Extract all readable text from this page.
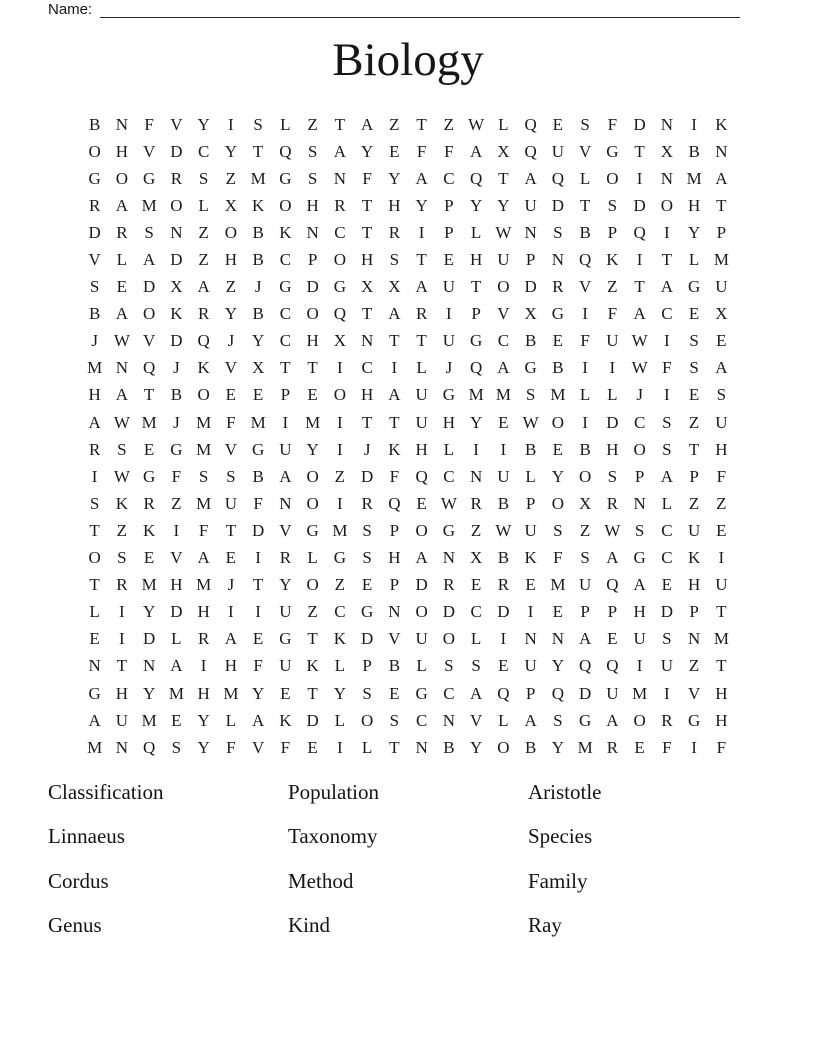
Name:
Biology
B N F V Y	I	S	L Z T A Z T Z W L Q E	S	F D N	I	K
O H V D C Y T Q S A Y E	F	F A X Q U V G T X B N
G O G R S	Z M G S N F Y A C Q T A Q L O	I	N M A
R A M O L X K O H R T H Y P Y Y U D T	S D O H T
D R S N Z O B K N C T R	I	P	L W N S B P Q	I	Y P
V L A D Z H B C P O H S	T E H U P N Q K	I	T L M
S	E D X A Z	J	G D G X X A U T O D R V Z T A G U
B A O K R Y B C O Q T A R	I	P V X G	I	F A C E X
J W V D Q	J	Y C H X N T T U G C B E	F U W I	S	E
M N Q	J	K V X T T	I	C	I	L	J	Q A G B	I	I W F	S A
H A T B O E E	P	E O H A U G M M S M L L	J	I	E	S
A W M J M F M I M I	T T U H Y E W O	I	D C S	Z U
R S	E G M V G U Y	I	J	K H L	I	I	B E B H O S	T H
I W G F	S	S B A O Z D F Q C N U L Y O S	P A P	F
S K R Z M U F N O	I	R Q E W R B P O X R N L Z Z
T Z K	I	F	T D V G M S	P O G Z W U S	Z W S C U E
O S	E V A E	I	R L G S H A N X B K F	S A G C K	I
T R M H M J	T Y O Z E	P D R E R E M U Q A E H U
L	I	Y D H	I	I	U Z C G N O D C D	I	E	P	P H D P	T
E	I	D L R A E G T K D V U O L	I	N N A E U S N M
N T N A	I	H F U K L	P B L	S	S	E U Y Q Q	I	U Z T
G H Y M H M Y E T Y S	E G C A Q P Q D U M I	V H
A U M E Y L A K D L O S C N V L A S G A O R G H
M N Q S Y F V F	E	I	L T N B Y O B Y M R E	F	I	F
Classification	Population	Aristotle
Linnaeus	Taxonomy	Species
Cordus	Method	Family
Genus	Kind	Ray
